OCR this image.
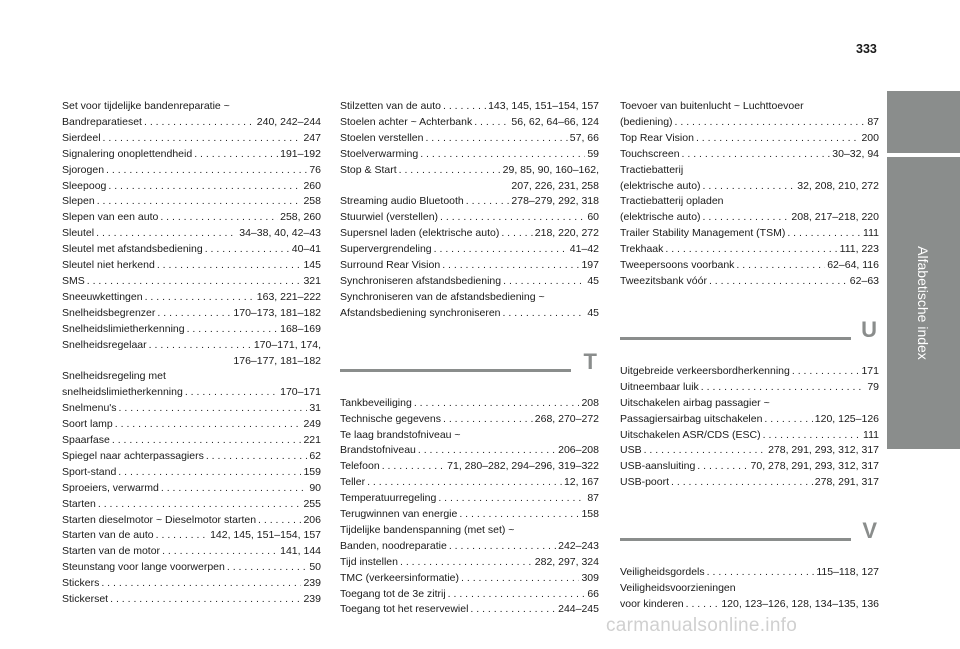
333
Alfabetische index
Set voor tijdelijke bandenreparatie ~
Bandreparatieset . . .	240, 242–244
Sierdeel . . .	247
Signalering onoplettendheid . . .	191–192
Sjorogen . . .	76
Sleepoog . . .	260
Slepen . . .	258
Slepen van een auto . . .	258, 260
Sleutel . . .	34–38, 40, 42–43
Sleutel met afstandsbediening . . .	40–41
Sleutel niet herkend . . .	145
SMS . . .	321
Sneeuwkettingen . . .	163, 221–222
Snelheidsbegrenzer . . .	170–173, 181–182
Snelheidslimietherkenning . . .	168–169
Snelheidsregelaar . . .	170–171, 174,
176–177, 181–182
Snelheidsregeling met
snelheidslimietherkenning . . .	170–171
Snelmenu's . . .	31
Soort lamp . . .	249
Spaarfase . . .	221
Spiegel naar achterpassagiers . . .	62
Sport-stand . . .	159
Sproeiers, verwarmd . . .	90
Starten . . .	255
Starten dieselmotor ~ Dieselmotor starten . . .	206
Starten van de auto . . .	142, 145, 151–154, 157
Starten van de motor . . .	141, 144
Steunstang voor lange voorwerpen . . .	50
Stickers . . .	239
Stickerset . . .	239
Stilzetten van de auto . . .	143, 145, 151–154, 157
Stoelen achter ~ Achterbank . . .	56, 62, 64–66, 124
Stoelen verstellen . . .	57, 66
Stoelverwarming . . .	59
Stop & Start . . .	29, 85, 90, 160–162,
207, 226, 231, 258
Streaming audio Bluetooth . . .	278–279, 292, 318
Stuurwiel (verstellen) . . .	60
Supersnel laden (elektrische auto) . . .	218, 220, 272
Supervergrendeling . . .	41–42
Surround Rear Vision . . .	197
Synchroniseren afstandsbediening . . .	45
Synchroniseren van de afstandsbediening ~
Afstandsbediening synchroniseren . . .	45
T
Tankbeveiliging . . .	208
Technische gegevens . . .	268, 270–272
Te laag brandstofniveau ~
Brandstofniveau . . .	206–208
Telefoon . . .	71, 280–282, 294–296, 319–322
Teller . . .	12, 167
Temperatuurregeling . . .	87
Terugwinnen van energie . . .	158
Tijdelijke bandenspanning (met set) ~
Banden, noodreparatie . . .	242–243
Tijd instellen . . .	282, 297, 324
TMC (verkeersinformatie) . . .	309
Toegang tot de 3e zitrij . . .	66
Toegang tot het reservewiel . . .	244–245
Toevoer van buitenlucht ~ Luchttoevoer
(bediening) . . .	87
Top Rear Vision . . .	200
Touchscreen . . .	30–32, 94
Tractiebatterij
(elektrische auto) . . .	32, 208, 210, 272
Tractiebatterij opladen
(elektrische auto) . . .	208, 217–218, 220
Trailer Stability Management (TSM) . . .	111
Trekhaak . . .	111, 223
Tweepersoons voorbank . . .	62–64, 116
Tweezitsbank vóór . . .	62–63
U
Uitgebreide verkeersbordherkenning . . .	171
Uitneembaar luik . . .	79
Uitschakelen airbag passagier ~
Passagiersairbag uitschakelen . . .	120, 125–126
Uitschakelen ASR/CDS (ESC) . . .	111
USB . . .	278, 291, 293, 312, 317
USB-aansluiting . . .	70, 278, 291, 293, 312, 317
USB-poort . . .	278, 291, 317
V
Veiligheidsgordels . . .	115–118, 127
Veiligheidsvoorzieningen
voor kinderen . . .	120, 123–126, 128, 134–135, 136
carmanualsonline.info
